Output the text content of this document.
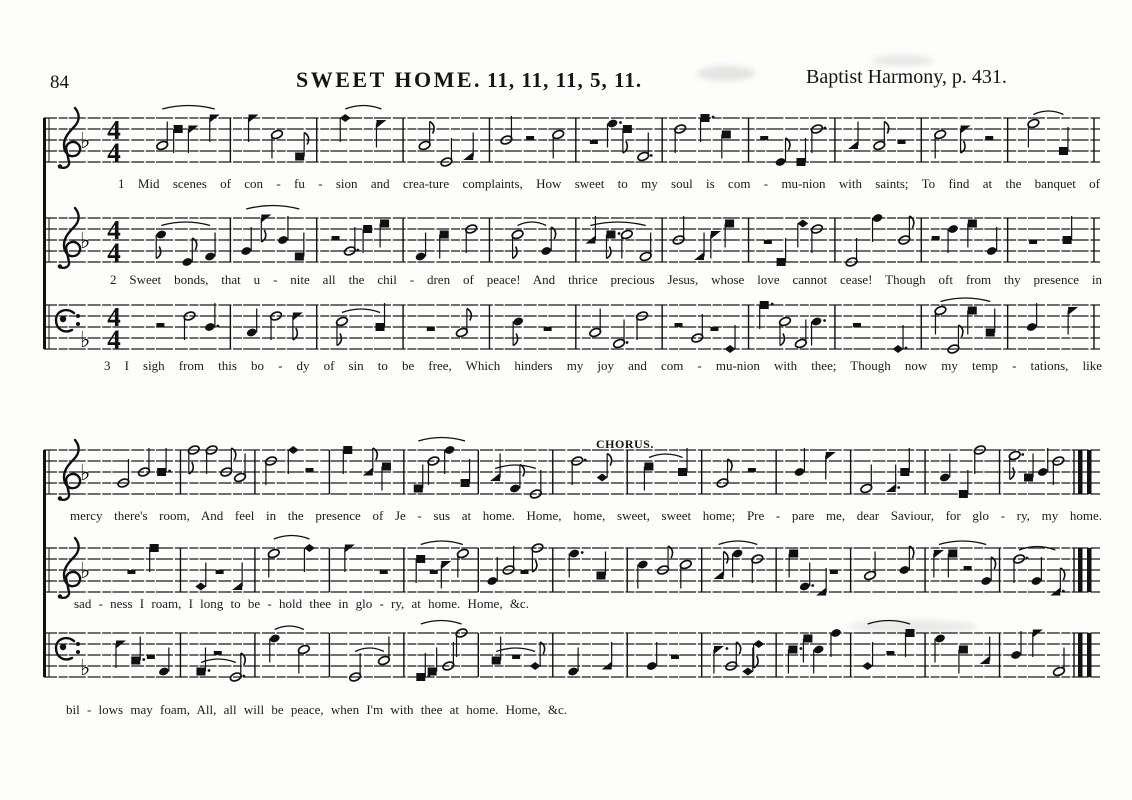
84	SWEET HOME. 11, 11, 11, 5, 11.	Baptist Harmony, p. 431.
♭ 4
4
♭ 4
4
♭
4
4
1 Mid scenes of con - fu - sion and crea-ture complaints, How sweet to my soul is com - mu-nion with saints; To find at the banquet of
2 Sweet bonds, that u - nite all the chil - dren of peace! And thrice precious Jesus, whose love cannot cease! Though oft from thy presence in
3 I sigh from this bo - dy of sin to be free, Which hinders my joy and com - mu-nion with thee; Though now my temp - tations, like
CHORUS.
♭
♭
♭
mercy there's room, And feel in the presence of Je - sus at home. Home, home, sweet, sweet home; Pre - pare me, dear Saviour, for glo - ry, my home.
sad - ness I roam, I long to be - hold thee in glo - ry, at home. Home, &c.
bil - lows may foam, All, all will be peace, when I'm with thee at home. Home, &c.
